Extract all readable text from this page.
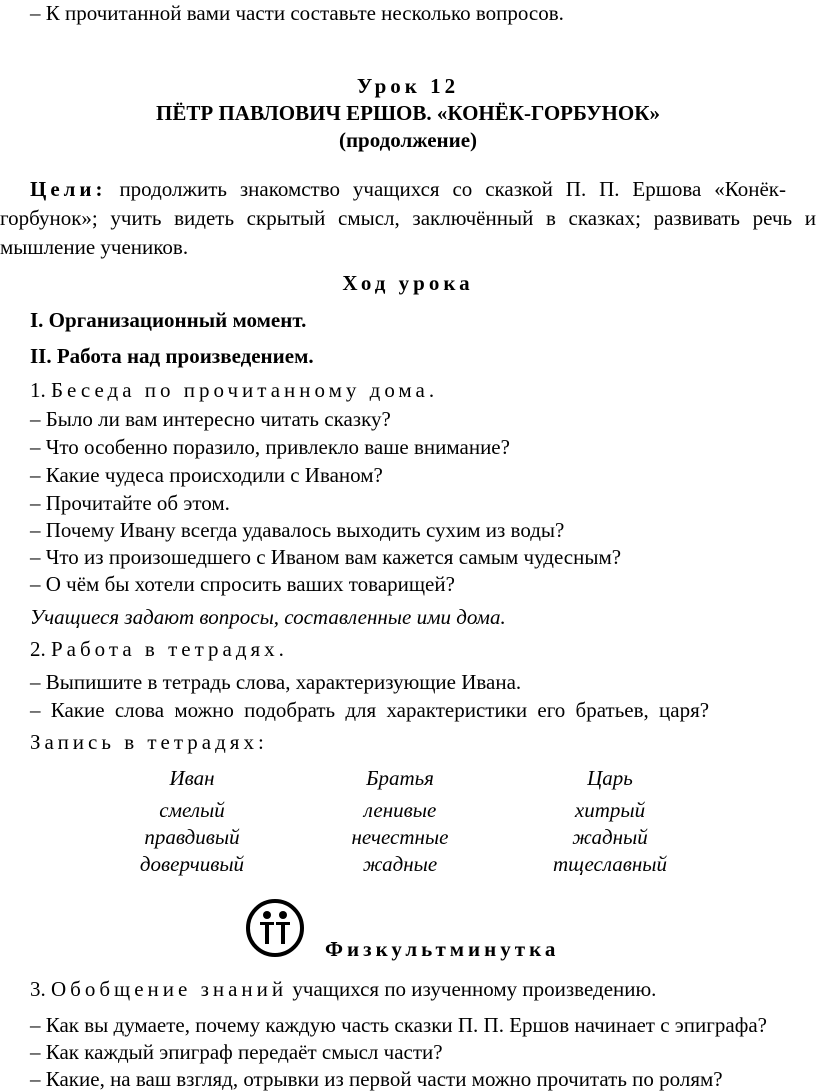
– К прочитанной вами части составьте несколько вопросов.
Урок 12
ПЁТР ПАВЛОВИЧ ЕРШОВ. «КОНЁК-ГОРБУНОК»
(продолжение)
Цели: продолжить знакомство учащихся со сказкой П. П. Ершова «Конёк-
горбунок»; учить видеть скрытый смысл, заключённый в сказках; развивать речь и
мышление учеников.
Ход урока
I. Организационный момент.
II. Работа над произведением.
1. Беседа по прочитанному дома.
– Было ли вам интересно читать сказку?
– Что особенно поразило, привлекло ваше внимание?
– Какие чудеса происходили с Иваном?
– Прочитайте об этом.
– Почему Ивану всегда удавалось выходить сухим из воды?
– Что из произошедшего с Иваном вам кажется самым чудесным?
– О чём бы хотели спросить ваших товарищей?
Учащиеся задают вопросы, составленные ими дома.
2. Работа в тетрадях.
– Выпишите в тетрадь слова, характеризующие Ивана.
– Какие слова можно подобрать для характеристики его братьев, царя?
Запись в тетрадях:
Иван	Братья	Царь
смелый	ленивые	хитрый
правдивый	нечестные	жадный
доверчивый	жадные	тщеславный
Физкультминутка
3. Обобщение знаний учащихся по изученному произведению.
– Как вы думаете, почему каждую часть сказки П. П. Ершов начинает с эпиграфа?
– Как каждый эпиграф передаёт смысл части?
– Какие, на ваш взгляд, отрывки из первой части можно прочитать по ролям?
